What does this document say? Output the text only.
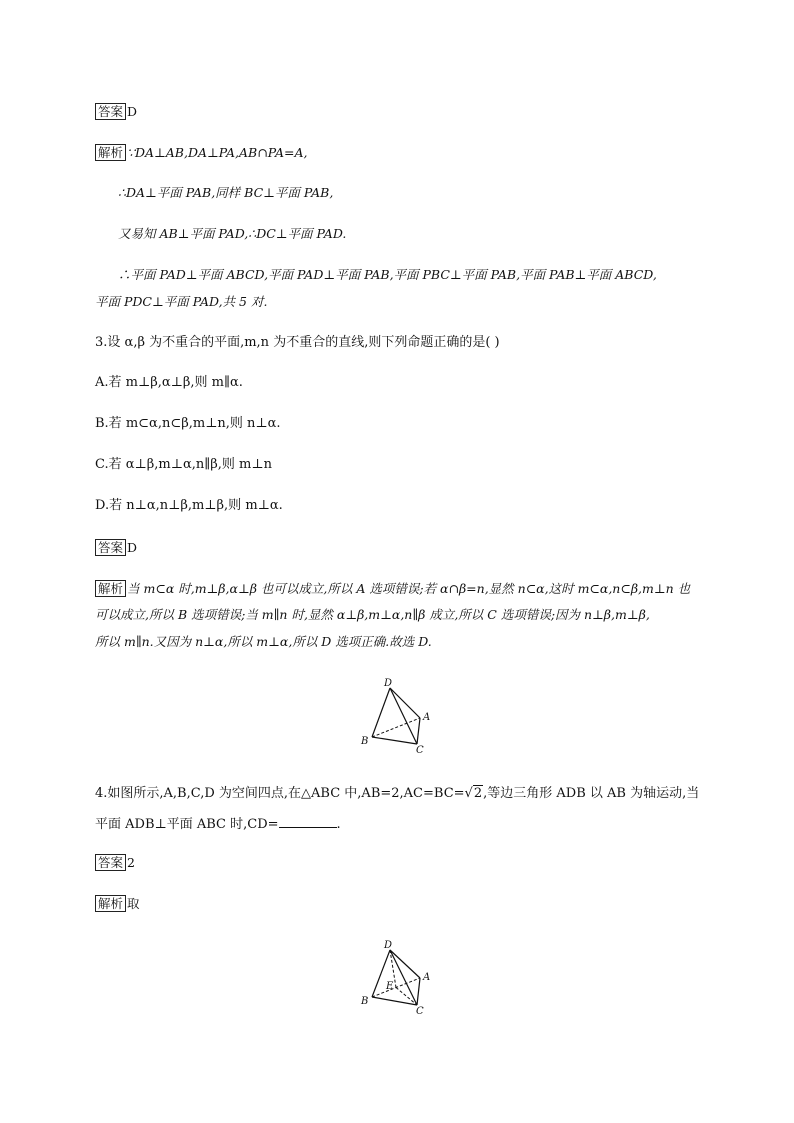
答案 D
解析 ∵DA⊥AB,DA⊥PA,AB∩PA=A,
∴DA⊥平面 PAB,同样 BC⊥平面 PAB,
又易知 AB⊥平面 PAD,∴DC⊥平面 PAD.
∴平面 PAD⊥平面 ABCD,平面 PAD⊥平面 PAB,平面 PBC⊥平面 PAB,平面 PAB⊥平面 ABCD,
平面 PDC⊥平面 PAD,共 5 对.
3.设 α,β 为不重合的平面,m,n 为不重合的直线,则下列命题正确的是( )
A.若 m⊥β,α⊥β,则 m∥α.
B.若 m⊂α,n⊂β,m⊥n,则 n⊥α.
C.若 α⊥β,m⊥α,n∥β,则 m⊥n
D.若 n⊥α,n⊥β,m⊥β,则 m⊥α.
答案 D
解析 当 m⊂α 时,m⊥β,α⊥β 也可以成立,所以 A 选项错误;若 α∩β=n,显然 n⊂α,这时 m⊂α,n⊂β,m⊥n 也
可以成立,所以 B 选项错误;当 m∥n 时,显然 α⊥β,m⊥α,n∥β 成立,所以 C 选项错误;因为 n⊥β,m⊥β,
所以 m∥n.又因为 n⊥α,所以 m⊥α,所以 D 选项正确.故选 D.
D
A
B
C
4.如图所示,A,B,C,D 为空间四点,在△ABC 中,AB=2,AC=BC=√2,等边三角形 ADB 以 AB 为轴运动,当
平面 ADB⊥平面 ABC 时,CD=	.
答案 2
解析 取
D
A
B
C
E
